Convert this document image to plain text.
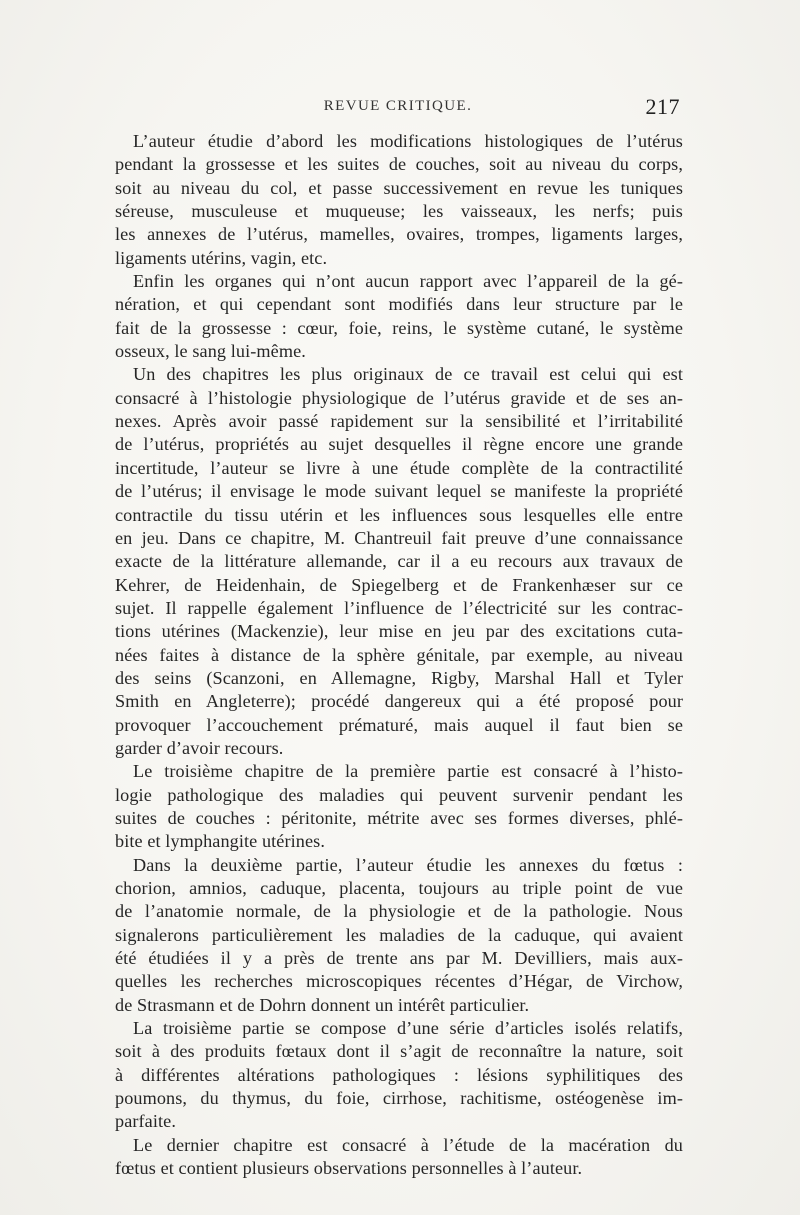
REVUE CRITIQUE.	217
L’auteur étudie d’abord les modifications histologiques de l’utérus
pendant la grossesse et les suites de couches, soit au niveau du corps,
soit au niveau du col, et passe successivement en revue les tuniques
séreuse, musculeuse et muqueuse; les vaisseaux, les nerfs; puis
les annexes de l’utérus, mamelles, ovaires, trompes, ligaments larges,
ligaments utérins, vagin, etc.
Enfin les organes qui n’ont aucun rapport avec l’appareil de la gé-
nération, et qui cependant sont modifiés dans leur structure par le
fait de la grossesse : cœur, foie, reins, le système cutané, le système
osseux, le sang lui-même.
Un des chapitres les plus originaux de ce travail est celui qui est
consacré à l’histologie physiologique de l’utérus gravide et de ses an-
nexes. Après avoir passé rapidement sur la sensibilité et l’irritabilité
de l’utérus, propriétés au sujet desquelles il règne encore une grande
incertitude, l’auteur se livre à une étude complète de la contractilité
de l’utérus; il envisage le mode suivant lequel se manifeste la propriété
contractile du tissu utérin et les influences sous lesquelles elle entre
en jeu. Dans ce chapitre, M. Chantreuil fait preuve d’une connaissance
exacte de la littérature allemande, car il a eu recours aux travaux de
Kehrer, de Heidenhain, de Spiegelberg et de Frankenhæser sur ce
sujet. Il rappelle également l’influence de l’électricité sur les contrac-
tions utérines (Mackenzie), leur mise en jeu par des excitations cuta-
nées faites à distance de la sphère génitale, par exemple, au niveau
des seins (Scanzoni, en Allemagne, Rigby, Marshal Hall et Tyler
Smith en Angleterre); procédé dangereux qui a été proposé pour
provoquer l’accouchement prématuré, mais auquel il faut bien se
garder d’avoir recours.
Le troisième chapitre de la première partie est consacré à l’histo-
logie pathologique des maladies qui peuvent survenir pendant les
suites de couches : péritonite, métrite avec ses formes diverses, phlé-
bite et lymphangite utérines.
Dans la deuxième partie, l’auteur étudie les annexes du fœtus :
chorion, amnios, caduque, placenta, toujours au triple point de vue
de l’anatomie normale, de la physiologie et de la pathologie. Nous
signalerons particulièrement les maladies de la caduque, qui avaient
été étudiées il y a près de trente ans par M. Devilliers, mais aux-
quelles les recherches microscopiques récentes d’Hégar, de Virchow,
de Strasmann et de Dohrn donnent un intérêt particulier.
La troisième partie se compose d’une série d’articles isolés relatifs,
soit à des produits fœtaux dont il s’agit de reconnaître la nature, soit
à différentes altérations pathologiques : lésions syphilitiques des
poumons, du thymus, du foie, cirrhose, rachitisme, ostéogenèse im-
parfaite.
Le dernier chapitre est consacré à l’étude de la macération du
fœtus et contient plusieurs observations personnelles à l’auteur.
